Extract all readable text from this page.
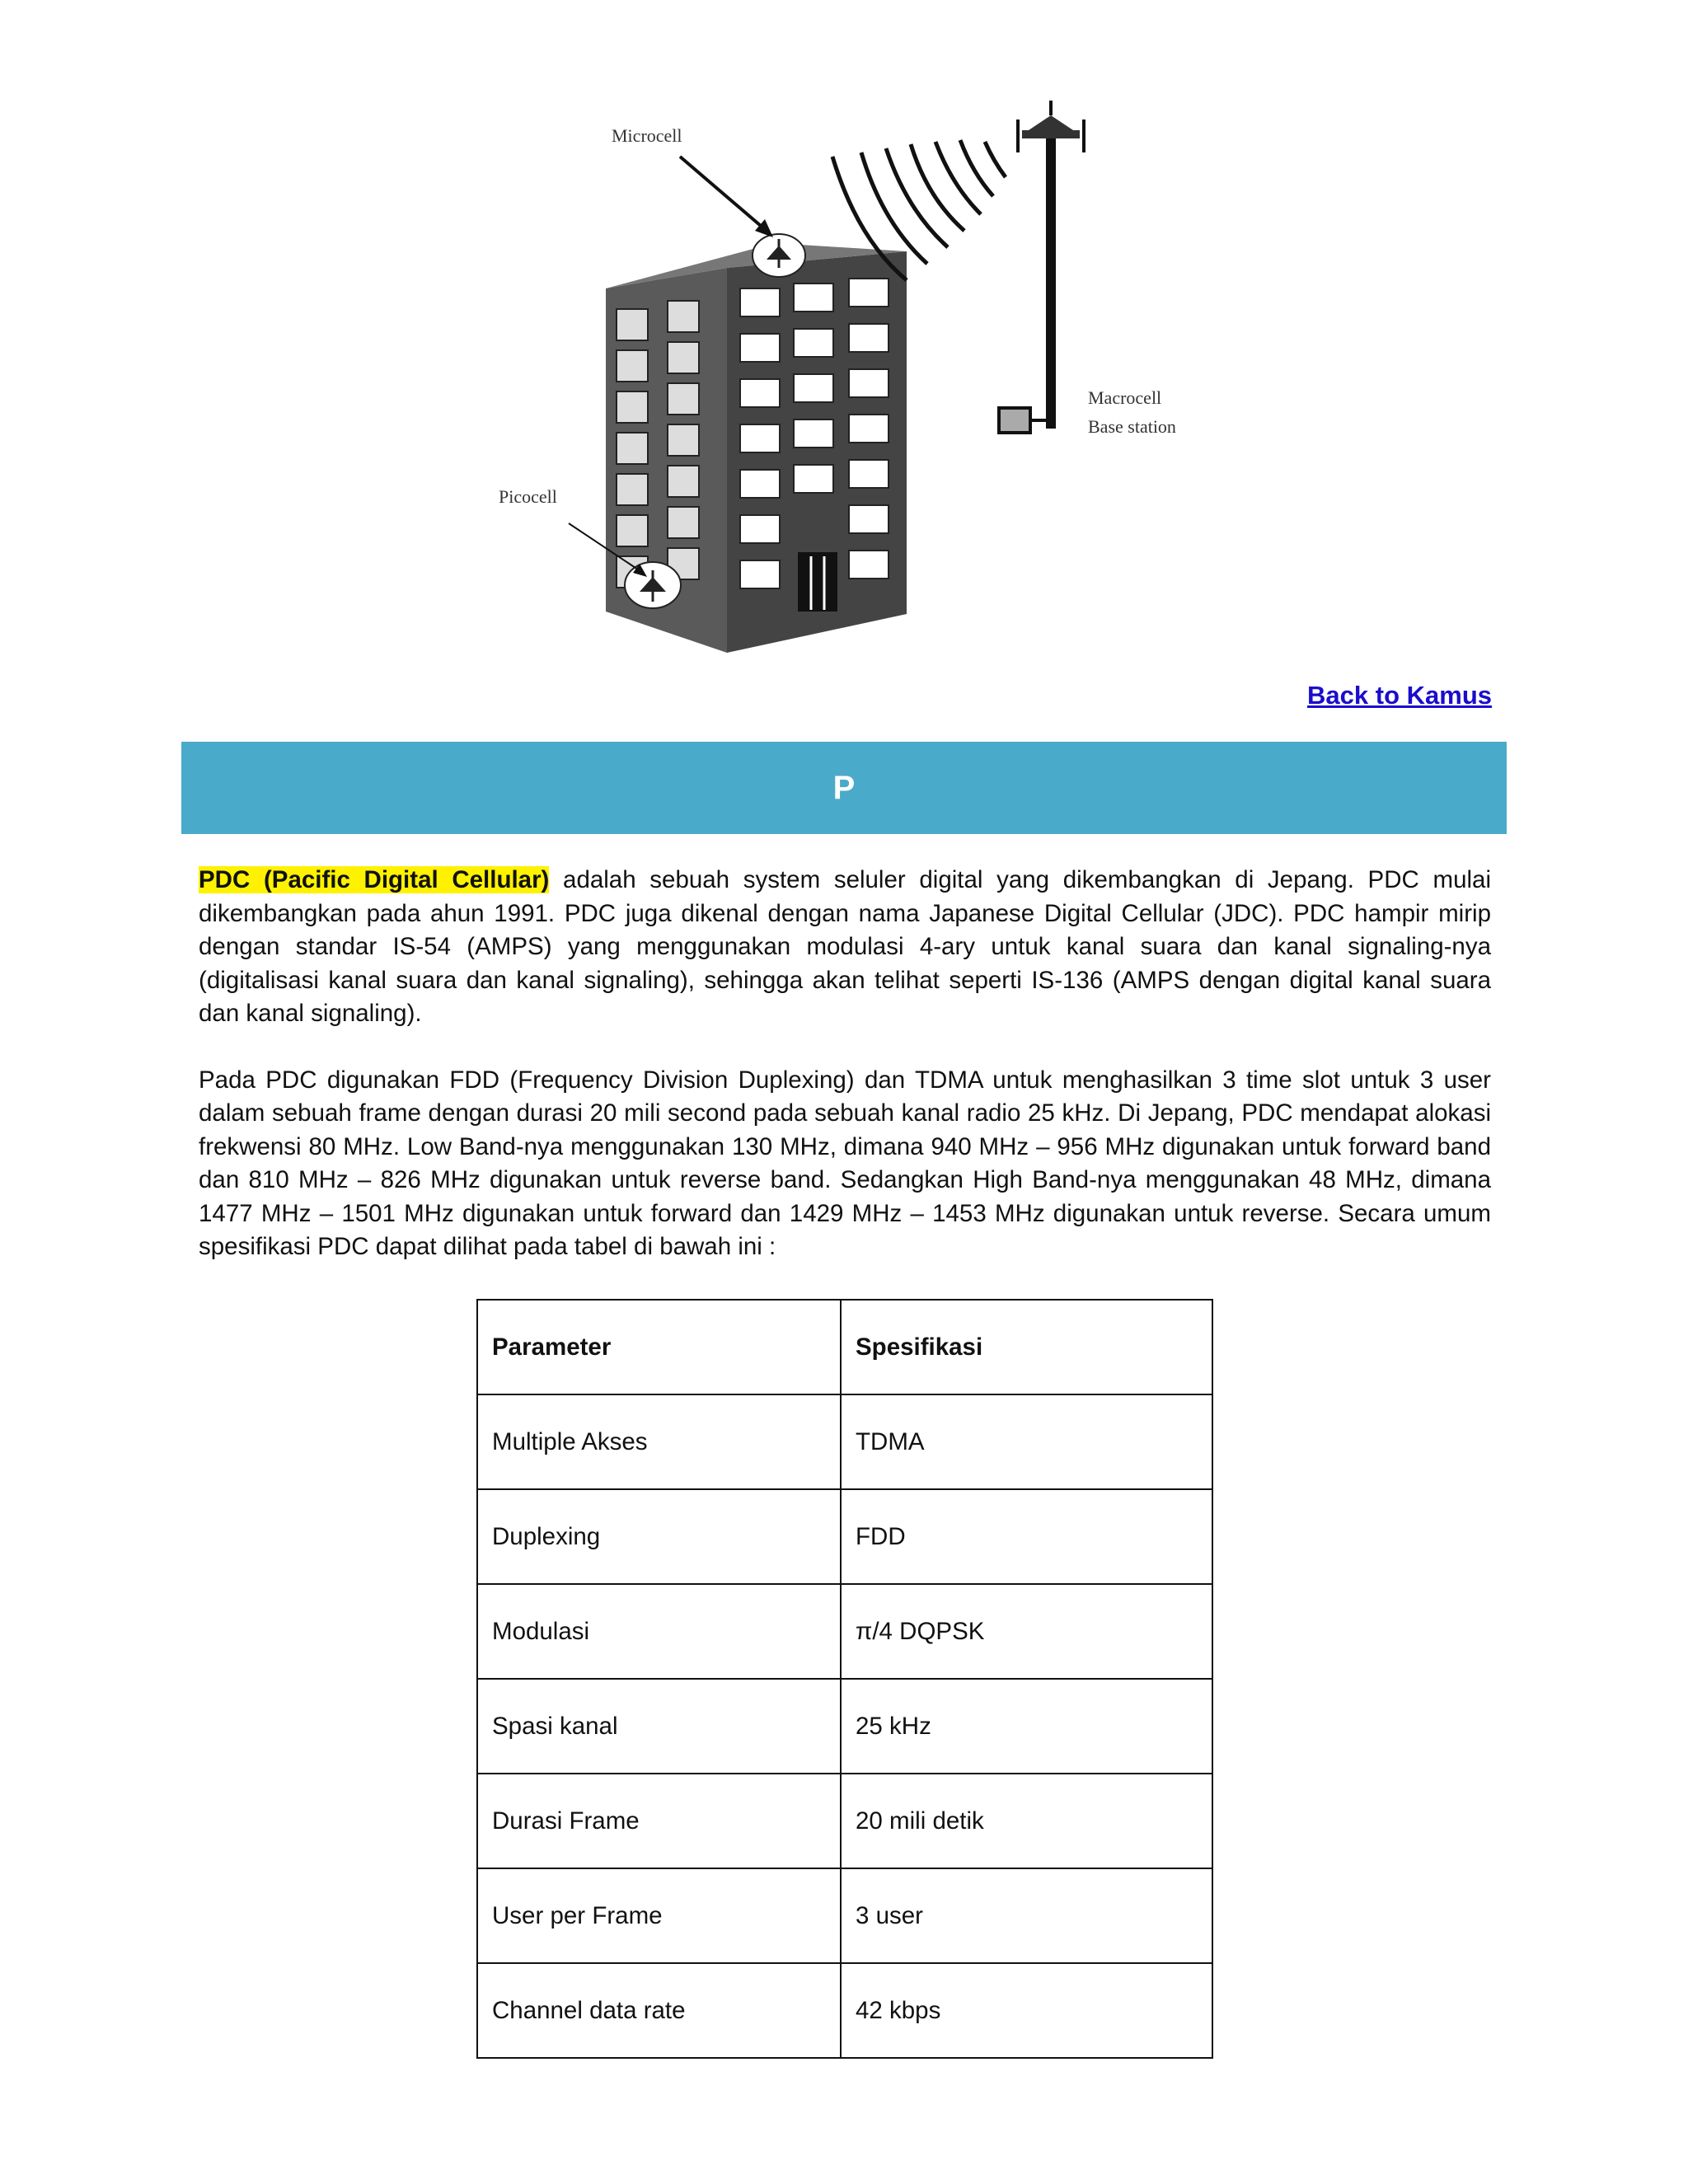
Microcell
Macrocell
Base station
Picocell
Back to Kamus
P

PDC (Pacific Digital Cellular) adalah sebuah system seluler digital yang dikembangkan di Jepang. PDC mulai dikembangkan pada ahun 1991. PDC juga dikenal dengan nama Japanese Digital Cellular (JDC). PDC hampir mirip dengan standar IS-54 (AMPS) yang menggunakan modulasi 4-ary untuk kanal suara dan kanal signaling-nya (digitalisasi kanal suara dan kanal signaling), sehingga akan telihat seperti IS-136 (AMPS dengan digital kanal suara dan kanal signaling).

Pada PDC digunakan FDD (Frequency Division Duplexing) dan TDMA untuk menghasilkan 3 time slot untuk 3 user dalam sebuah frame dengan durasi 20 mili second pada sebuah kanal radio 25 kHz. Di Jepang, PDC mendapat alokasi frekwensi 80 MHz. Low Band-nya menggunakan 130 MHz, dimana 940 MHz – 956 MHz digunakan untuk forward band dan 810 MHz – 826 MHz digunakan untuk reverse band. Sedangkan High Band-nya menggunakan 48 MHz, dimana 1477 MHz – 1501 MHz digunakan untuk forward dan 1429 MHz – 1453 MHz digunakan untuk reverse. Secara umum spesifikasi PDC dapat dilihat pada tabel di bawah ini :

Parameter	Spesifikasi
Multiple Akses	TDMA
Duplexing	FDD
Modulasi	π/4 DQPSK
Spasi kanal	25 kHz
Durasi Frame	20 mili detik
User per Frame	3 user
Channel data rate	42 kbps
